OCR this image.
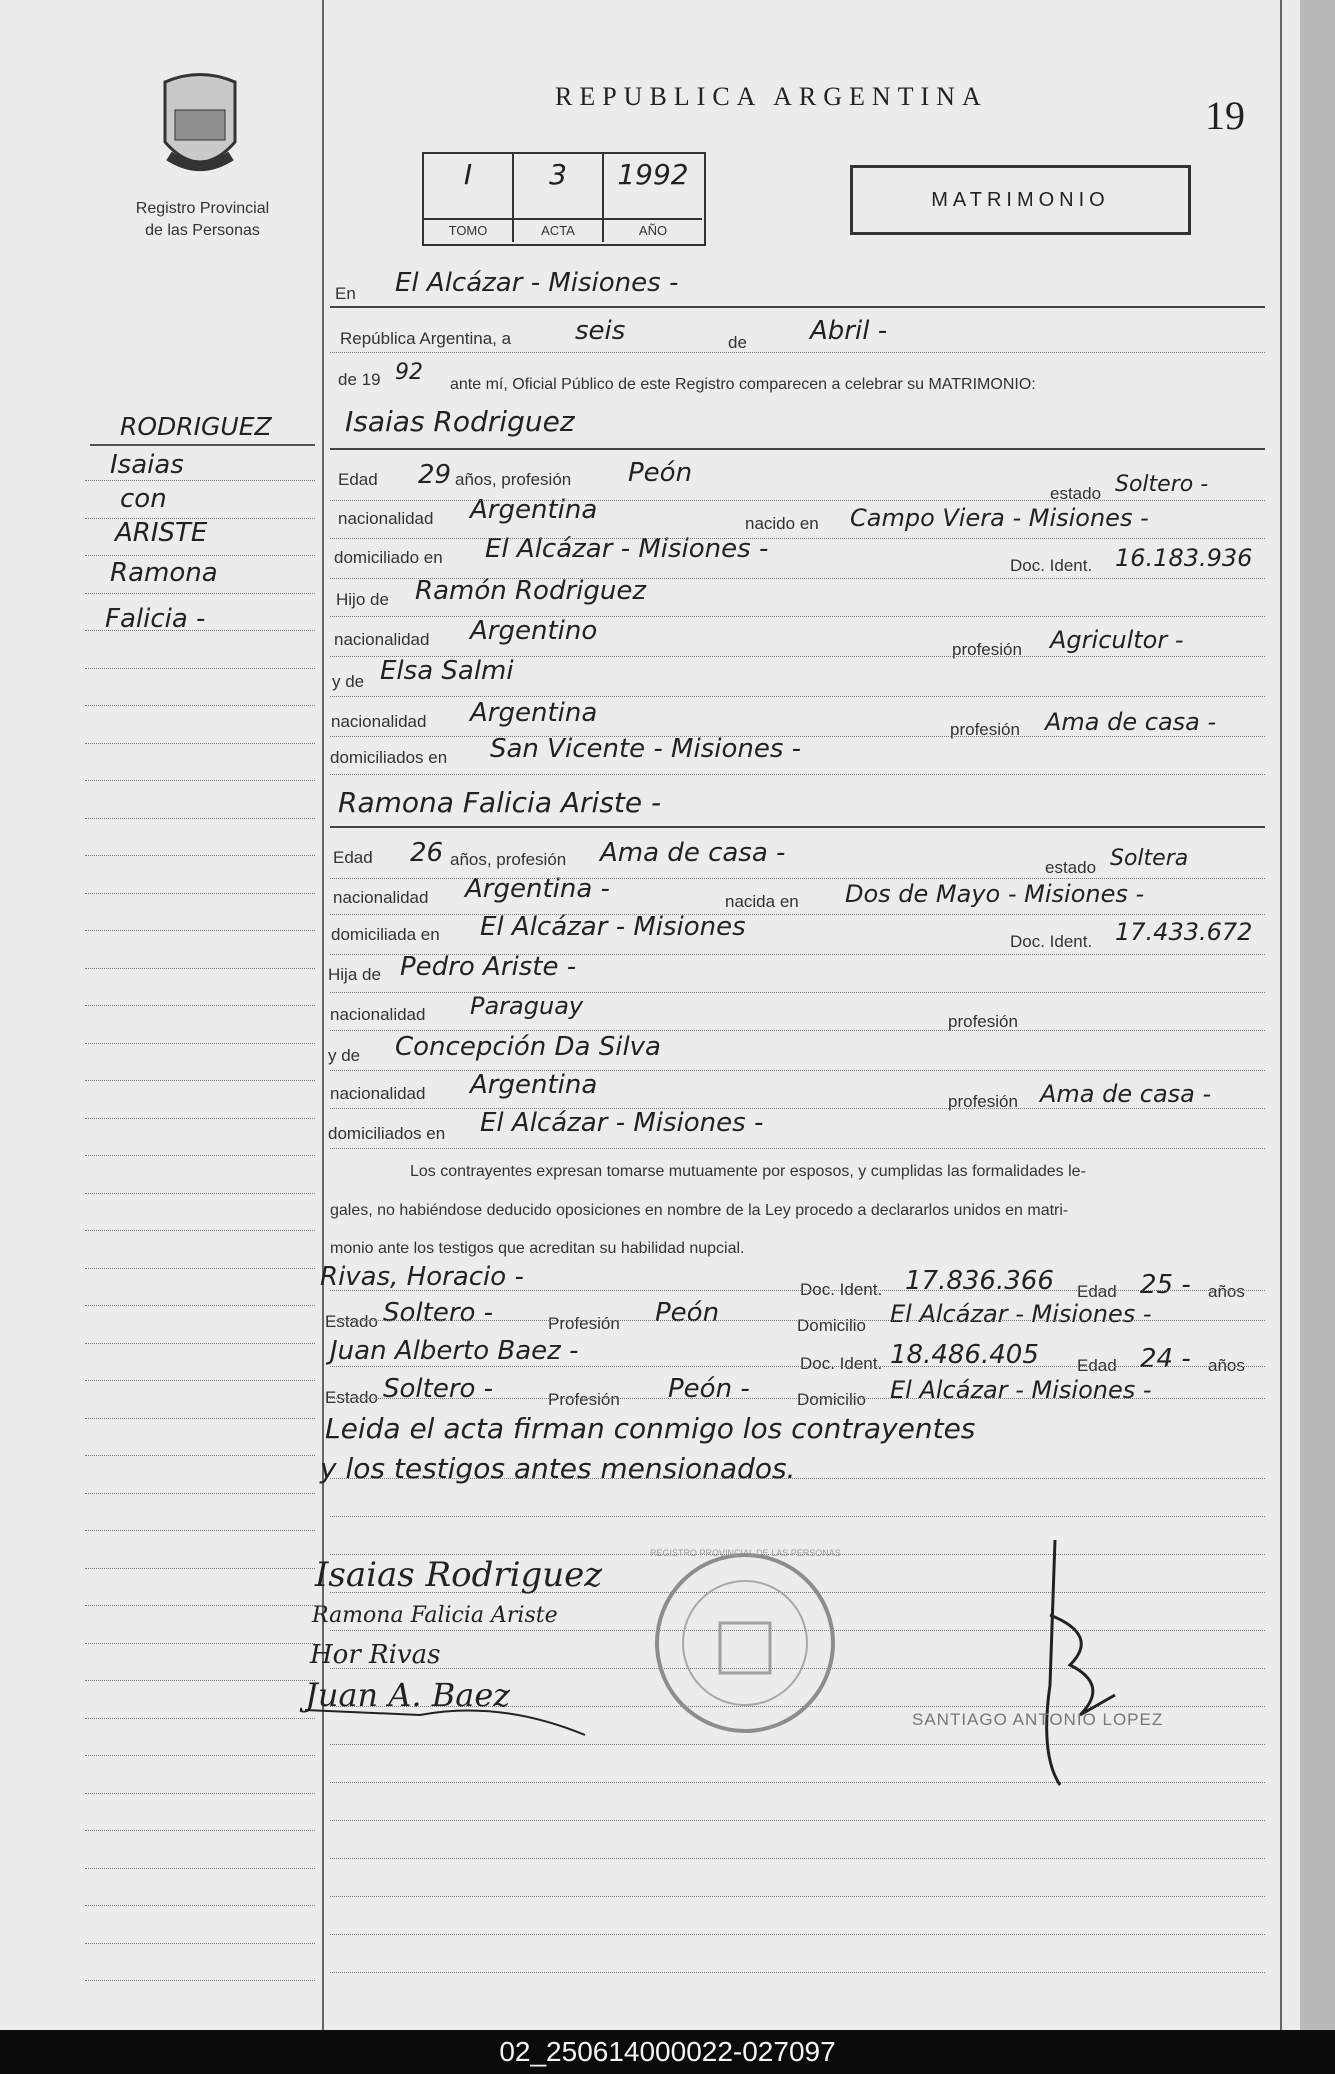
Registro Provincial
de las Personas
REPUBLICA ARGENTINA	19
I
TOMO
3
ACTA
1992
AÑO
MATRIMONIO
RODRIGUEZ
Isaias
con
ARISTE
Ramona
Falicia -
En El Alcázar - Misiones -
República Argentina, a seis	de Abril -
de 19 92 ante mí, Oficial Público de este Registro comparecen a celebrar su MATRIMONIO:
Isaias Rodriguez
Edad 29 años, profesión Peón
estado Soltero -
nacionalidad Argentina	nacido en Campo Viera - Misiones -
domiciliado en El Alcázar - Misiones -
Doc. Ident. 16.183.936
Hijo de Ramón Rodriguez
nacionalidad Argentino
profesión Agricultor -
y de Elsa Salmi
nacionalidad Argentina
profesión Ama de casa -
domiciliados en San Vicente - Misiones -
Ramona Falicia Ariste -
Edad 26 años, profesión Ama de casa -	estado Soltera
nacionalidad Argentina -	nacida en Dos de Mayo - Misiones -
domiciliada en El Alcázar - Misiones	Doc. Ident. 17.433.672
Hija de Pedro Ariste -
nacionalidad Paraguay
profesión
y de Concepción Da Silva
nacionalidad Argentina
profesión Ama de casa -
domiciliados en El Alcázar - Misiones -
Los contrayentes expresan tomarse mutuamente por esposos, y cumplidas las formalidades le-
gales, no habiéndose deducido oposiciones en nombre de la Ley procedo a declararlos unidos en matri-
monio ante los testigos que acreditan su habilidad nupcial.
Rivas, Horacio -	Doc. Ident. 17.836.366 Edad 25 - años
Estado Soltero -	Profesión Peón	Domicilio El Alcázar - Misiones -
Juan Alberto Baez -	Doc. Ident. 18.486.405 Edad 24 - años
Estado Soltero -	Profesión Peón -	Domicilio El Alcázar - Misiones -
Leida el acta firman conmigo los contrayentes
y los testigos antes mensionados.
Isaias Rodriguez
Ramona Falicia Ariste
Hor Rivas
Juan A. Baez
REGISTRO PROVINCIAL DE LAS PERSONAS
SANTIAGO ANTONIO LOPEZ
02_250614000022-027097
